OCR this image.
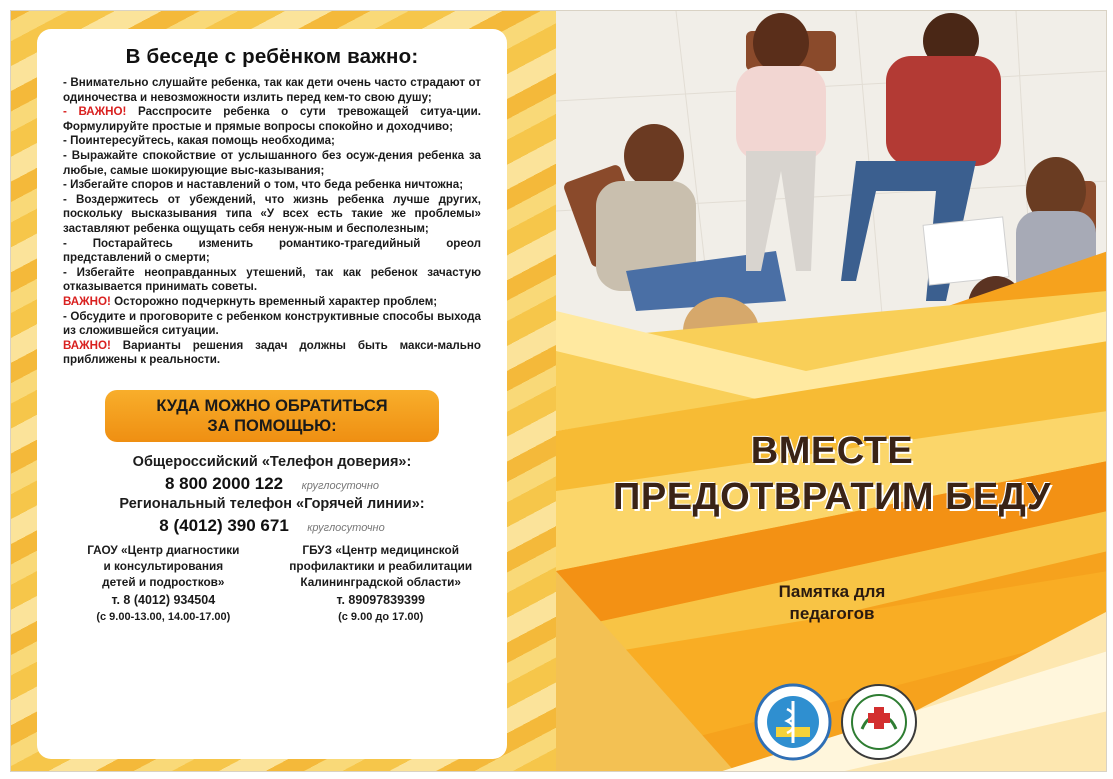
В беседе с ребёнком важно:

- Внимательно слушайте ребенка, так как дети очень часто страдают от одиночества и невозможности излить перед кем-то свою душу;

- ВАЖНО! Расспросите ребенка о сути тревожащей ситуа-ции. Формулируйте простые и прямые вопросы спокойно и доходчиво;

- Поинтересуйтесь, какая помощь необходима;

- Выражайте спокойствие от услышанного без осуж-дения ребенка за любые, самые шокирующие выс-казывания;

- Избегайте споров и наставлений о том, что беда ребенка ничтожна;

- Воздержитесь от убеждений, что жизнь ребенка лучше других, поскольку высказывания типа «У всех есть такие же проблемы» заставляют ребенка ощущать себя ненуж-ным и бесполезным;

- Постарайтесь изменить романтико-трагедийный ореол представлений о смерти;

- Избегайте неоправданных утешений, так как ребенок зачастую отказывается принимать советы.

ВАЖНО! Осторожно подчеркнуть временный характер проблем;

- Обсудите и проговорите с ребенком конструктивные способы выхода из сложившейся ситуации.

ВАЖНО! Варианты решения задач должны быть макси-мально приближены к реальности.

КУДА МОЖНО ОБРАТИТЬСЯ
ЗА ПОМОЩЬЮ:
Общероссийский «Телефон доверия»:
8 800 2000 122 круглосуточно
Региональный телефон «Горячей линии»:
8 (4012) 390 671 круглосуточно
ГАОУ «Центр диагностики
и консультирования
детей и подростков»
т. 8 (4012) 934504
(с 9.00-13.00, 14.00-17.00)
ГБУЗ «Центр медицинской
профилактики и реабилитации
Калининградской области»
т. 89097839399
(с 9.00 до 17.00)
ВМЕСТЕ
ПРЕДОТВРАТИМ БЕДУ
Памятка для
педагогов
